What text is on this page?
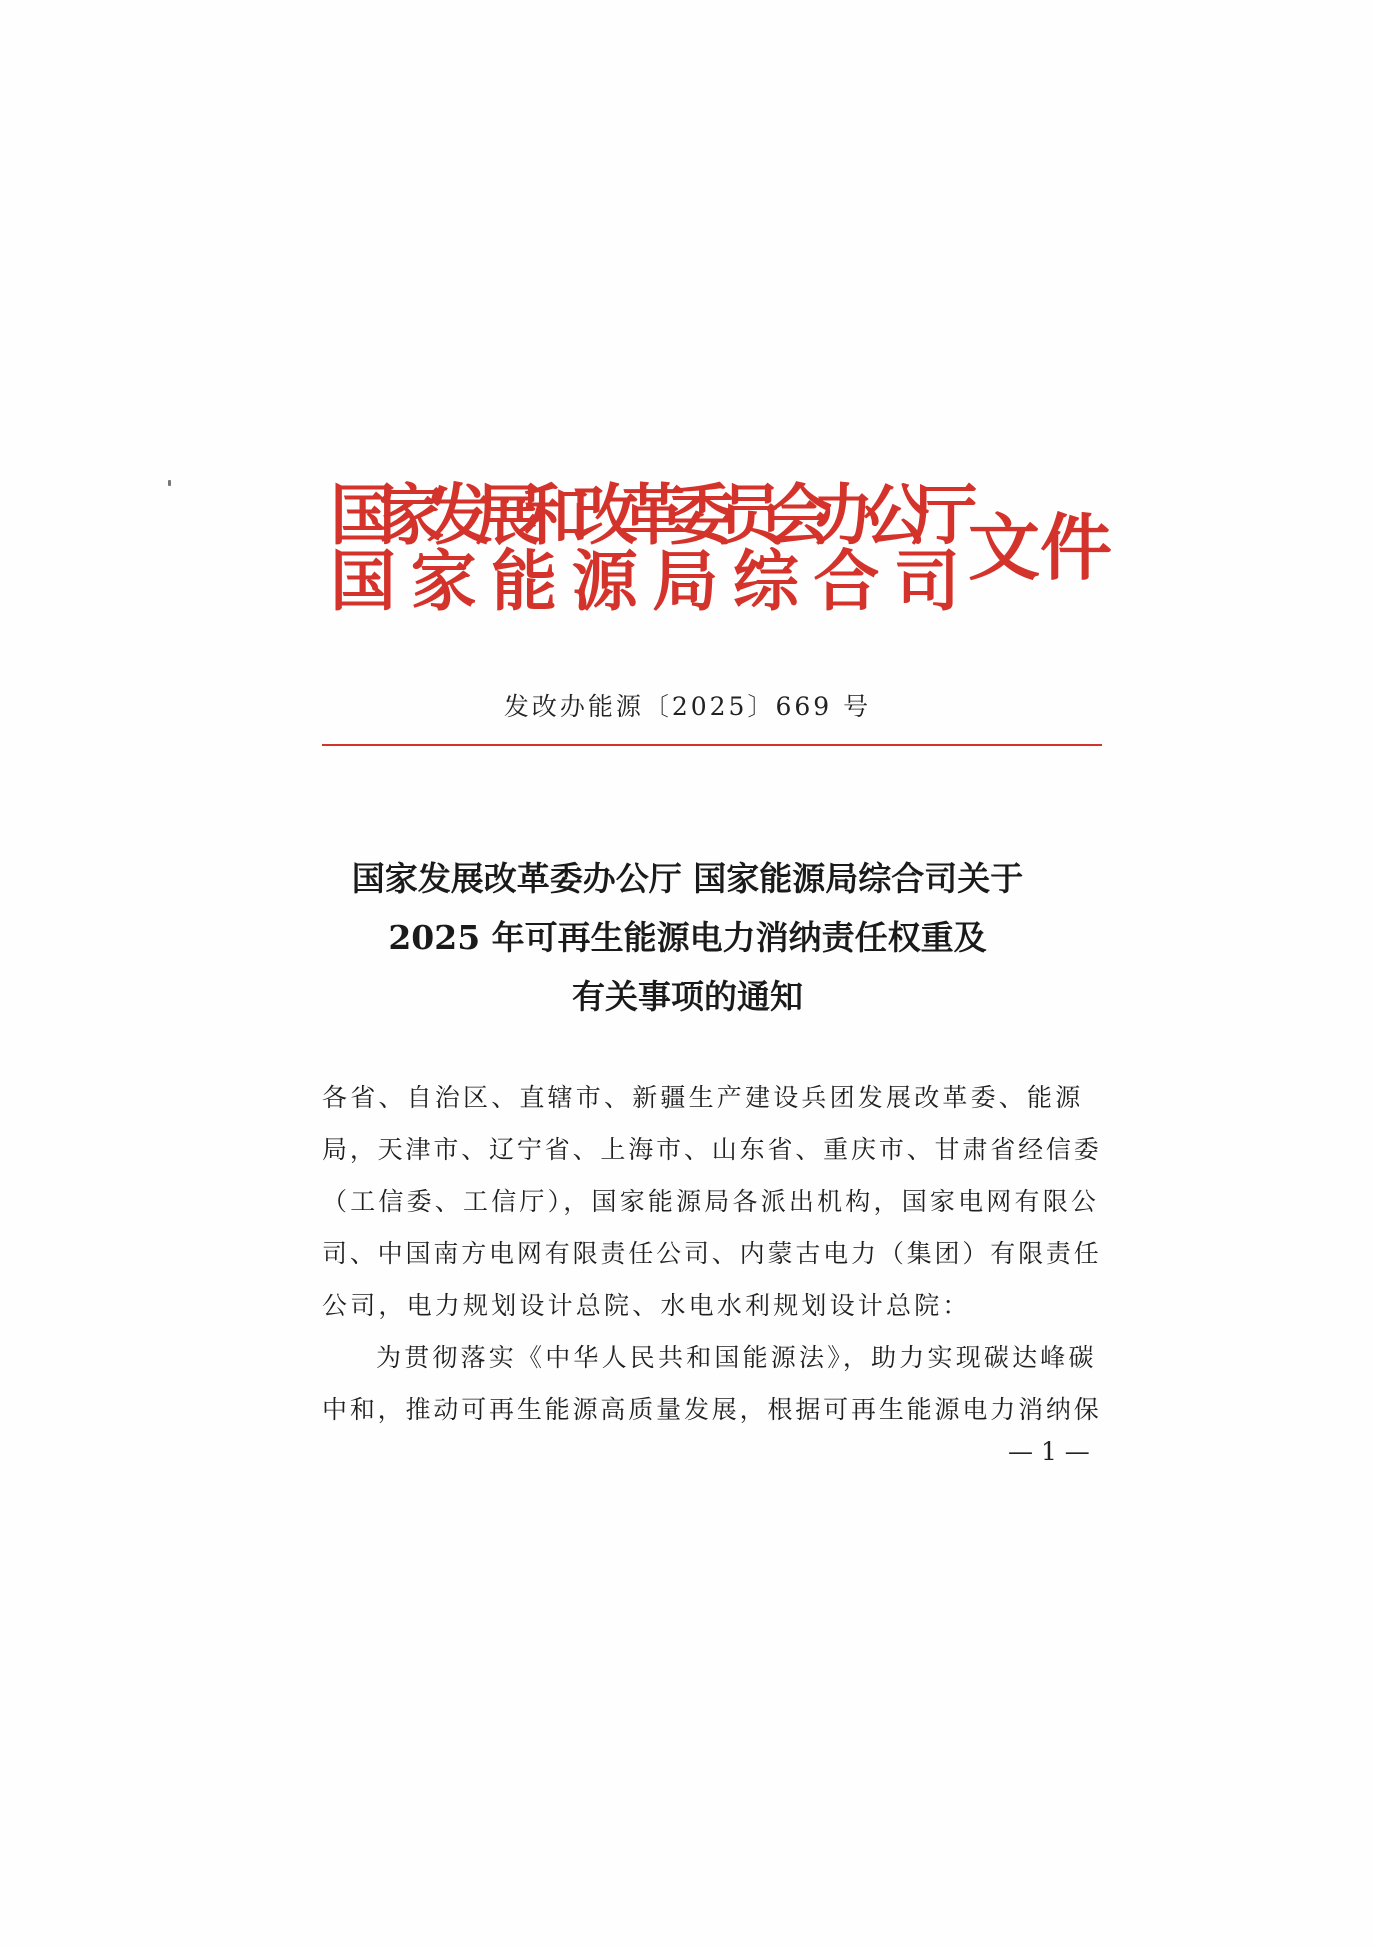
国家发展和改革委员会办公厅
国 家 能 源 局 综 合 司 文件
发改办能源〔2025〕669 号
国家发展改革委办公厅 国家能源局综合司关于
2025 年可再生能源电力消纳责任权重及
有关事项的通知
各省、自治区、直辖市、新疆生产建设兵团发展改革委、能源
局，天津市、辽宁省、上海市、山东省、重庆市、甘肃省经信委
（工信委、工信厅），国家能源局各派出机构，国家电网有限公
司、中国南方电网有限责任公司、内蒙古电力（集团）有限责任
公司，电力规划设计总院、水电水利规划设计总院：
为贯彻落实《中华人民共和国能源法》，助力实现碳达峰碳
中和，推动可再生能源高质量发展，根据可再生能源电力消纳保
— 1 —
